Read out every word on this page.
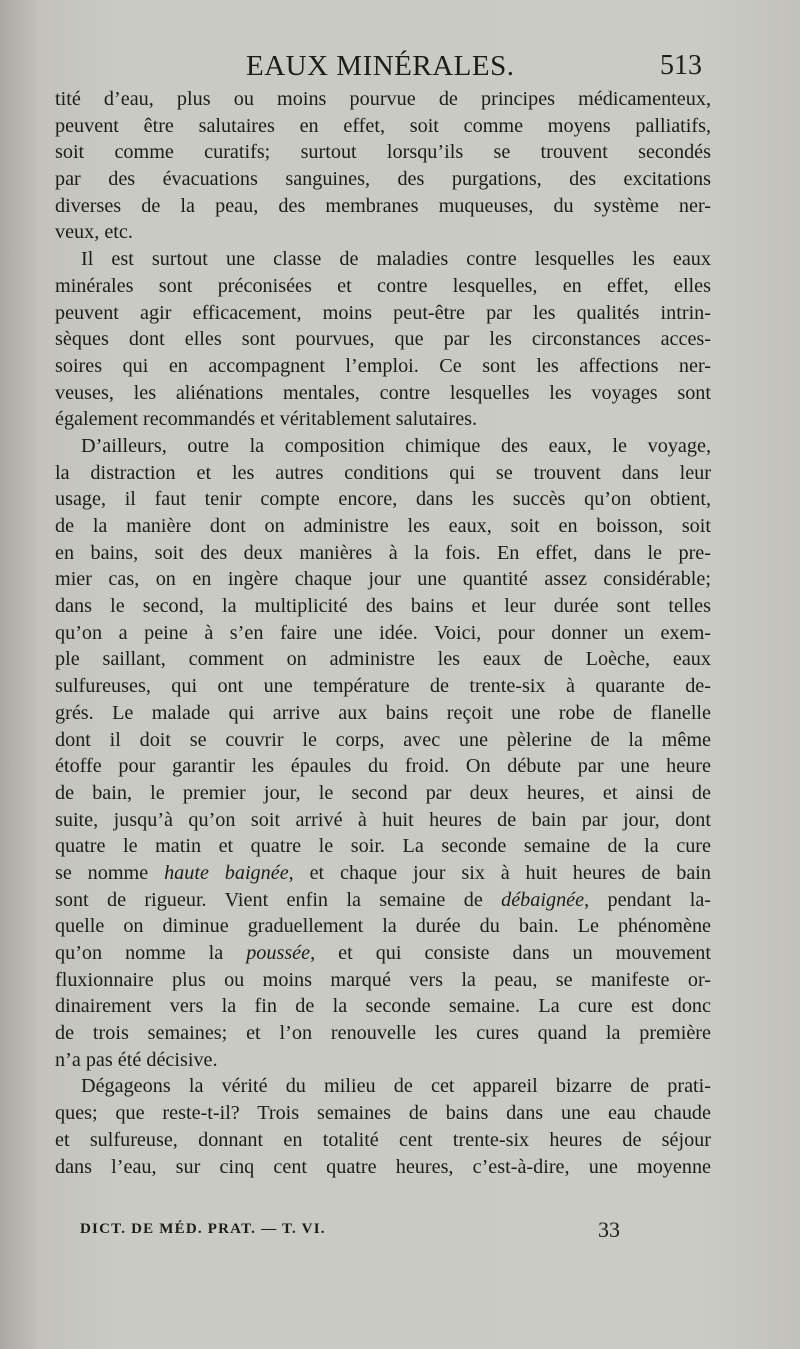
EAUX MINÉRALES.	513
tité d’eau, plus ou moins pourvue de principes médicamenteux,
peuvent être salutaires en effet, soit comme moyens palliatifs,
soit comme curatifs; surtout lorsqu’ils se trouvent secondés
par des évacuations sanguines, des purgations, des excitations
diverses de la peau, des membranes muqueuses, du système ner-
veux, etc.
Il est surtout une classe de maladies contre lesquelles les eaux
minérales sont préconisées et contre lesquelles, en effet, elles
peuvent agir efficacement, moins peut-être par les qualités intrin-
sèques dont elles sont pourvues, que par les circonstances acces-
soires qui en accompagnent l’emploi. Ce sont les affections ner-
veuses, les aliénations mentales, contre lesquelles les voyages sont
également recommandés et véritablement salutaires.
D’ailleurs, outre la composition chimique des eaux, le voyage,
la distraction et les autres conditions qui se trouvent dans leur
usage, il faut tenir compte encore, dans les succès qu’on obtient,
de la manière dont on administre les eaux, soit en boisson, soit
en bains, soit des deux manières à la fois. En effet, dans le pre-
mier cas, on en ingère chaque jour une quantité assez considérable;
dans le second, la multiplicité des bains et leur durée sont telles
qu’on a peine à s’en faire une idée. Voici, pour donner un exem-
ple saillant, comment on administre les eaux de Loèche, eaux
sulfureuses, qui ont une température de trente-six à quarante de-
grés. Le malade qui arrive aux bains reçoit une robe de flanelle
dont il doit se couvrir le corps, avec une pèlerine de la même
étoffe pour garantir les épaules du froid. On débute par une heure
de bain, le premier jour, le second par deux heures, et ainsi de
suite, jusqu’à qu’on soit arrivé à huit heures de bain par jour, dont
quatre le matin et quatre le soir. La seconde semaine de la cure
se nomme haute baignée, et chaque jour six à huit heures de bain
sont de rigueur. Vient enfin la semaine de débaignée, pendant la-
quelle on diminue graduellement la durée du bain. Le phénomène
qu’on nomme la poussée, et qui consiste dans un mouvement
fluxionnaire plus ou moins marqué vers la peau, se manifeste or-
dinairement vers la fin de la seconde semaine. La cure est donc
de trois semaines; et l’on renouvelle les cures quand la première
n’a pas été décisive.
Dégageons la vérité du milieu de cet appareil bizarre de prati-
ques; que reste-t-il? Trois semaines de bains dans une eau chaude
et sulfureuse, donnant en totalité cent trente-six heures de séjour
dans l’eau, sur cinq cent quatre heures, c’est-à-dire, une moyenne
DICT. DE MÉD. PRAT. — T. VI.	33
